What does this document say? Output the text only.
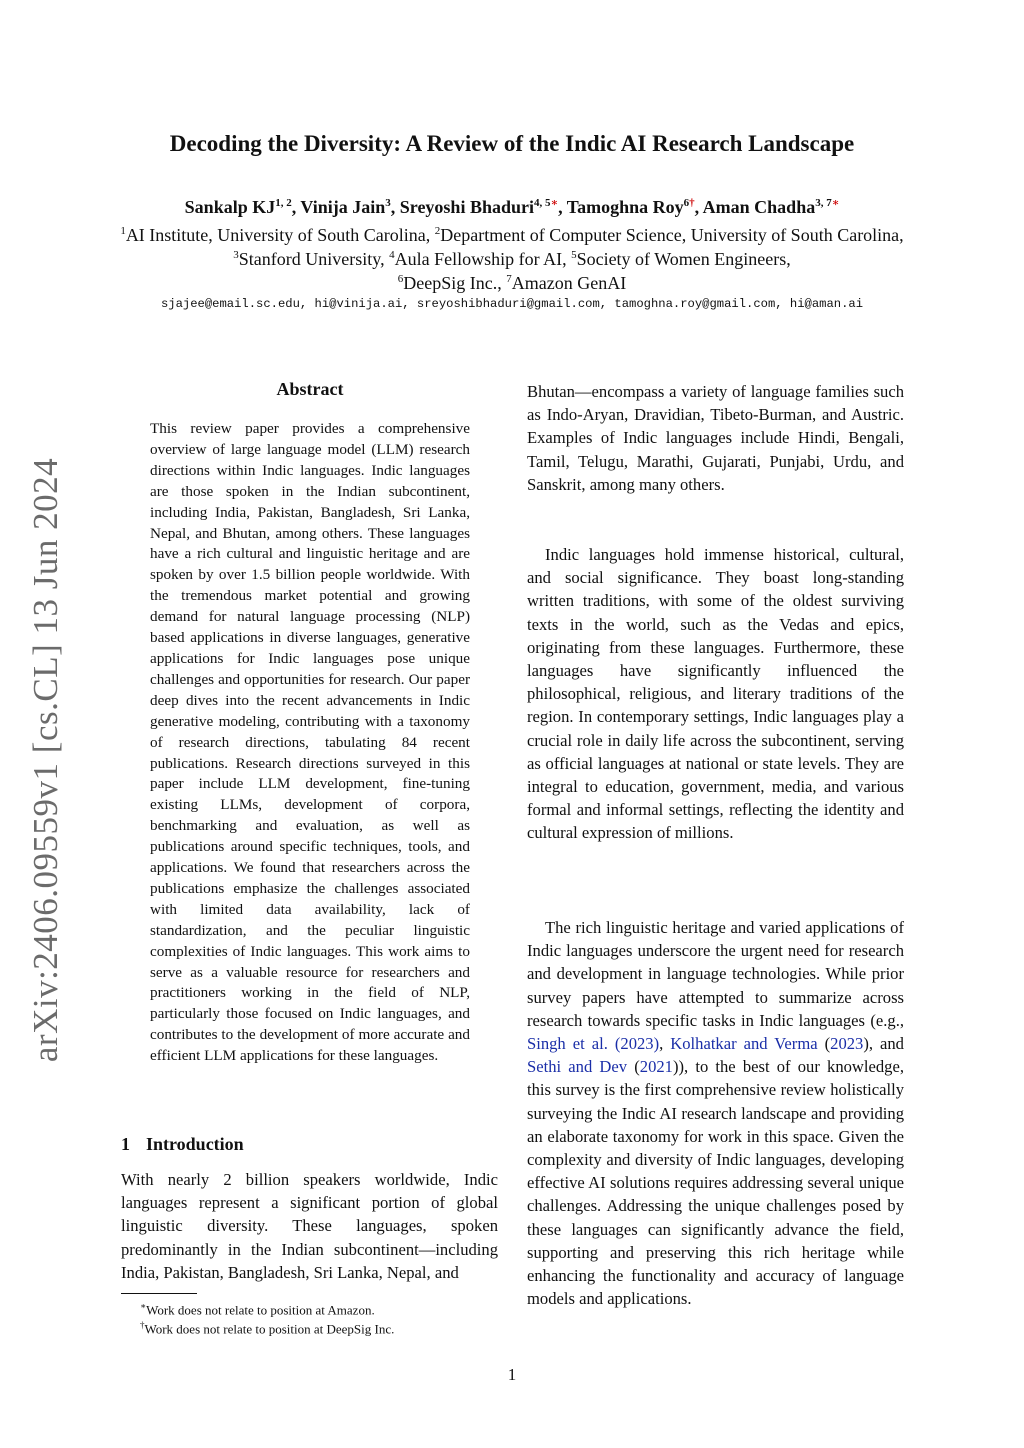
arXiv:2406.09559v1 [cs.CL] 13 Jun 2024
Decoding the Diversity: A Review of the Indic AI Research Landscape
Sankalp KJ$^{1, 2}$, Vinija Jain$^3$, Sreyoshi Bhaduri$^{4, 5∗}$, Tamoghna Roy$^{6\dagger}$, Aman Chadha$^{3, 7∗}$
$^1$AI Institute, University of South Carolina, $^2$Department of Computer Science, University of South Carolina,
$^3$Stanford University, $^4$Aula Fellowship for AI, $^5$Society of Women Engineers,
$^6$DeepSig Inc., $^7$Amazon GenAI
sjajee@email.sc.edu, hi@vinija.ai, sreyoshibhaduri@gmail.com, tamoghna.roy@gmail.com, hi@aman.ai
Abstract

This review paper provides a comprehensive overview of large language model (LLM) research directions within Indic languages. Indic languages are those spoken in the Indian subcontinent, including India, Pakistan, Bangladesh, Sri Lanka, Nepal, and Bhutan, among others. These languages have a rich cultural and linguistic heritage and are spoken by over 1.5 billion people worldwide. With the tremendous market potential and growing demand for natural language processing (NLP) based applications in diverse languages, generative applications for Indic languages pose unique challenges and opportunities for research. Our paper deep dives into the recent advancements in Indic generative modeling, contributing with a taxonomy of research directions, tabulating 84 recent publications. Research directions surveyed in this paper include LLM development, fine-tuning existing LLMs, development of corpora, benchmarking and evaluation, as well as publications around specific techniques, tools, and applications. We found that researchers across the publications emphasize the challenges associated with limited data availability, lack of standardization, and the peculiar linguistic complexities of Indic languages. This work aims to serve as a valuable resource for researchers and practitioners working in the field of NLP, particularly those focused on Indic languages, and contributes to the development of more accurate and efficient LLM applications for these languages.

1 Introduction

With nearly 2 billion speakers worldwide, Indic languages represent a significant portion of global linguistic diversity. These languages, spoken predominantly in the Indian subcontinent—including India, Pakistan, Bangladesh, Sri Lanka, Nepal, and

∗Work does not relate to position at Amazon.
†Work does not relate to position at DeepSig Inc.

Bhutan—encompass a variety of language families such as Indo-Aryan, Dravidian, Tibeto-Burman, and Austric. Examples of Indic languages include Hindi, Bengali, Tamil, Telugu, Marathi, Gujarati, Punjabi, Urdu, and Sanskrit, among many others.

Indic languages hold immense historical, cultural, and social significance. They boast long-standing written traditions, with some of the oldest surviving texts in the world, such as the Vedas and epics, originating from these languages. Furthermore, these languages have significantly influenced the philosophical, religious, and literary traditions of the region. In contemporary settings, Indic languages play a crucial role in daily life across the subcontinent, serving as official languages at national or state levels. They are integral to education, government, media, and various formal and informal settings, reflecting the identity and cultural expression of millions.

The rich linguistic heritage and varied applications of Indic languages underscore the urgent need for research and development in language technologies. While prior survey papers have attempted to summarize across research towards specific tasks in Indic languages (e.g., Singh et al. (2023), Kolhatkar and Verma (2023), and Sethi and Dev (2021)), to the best of our knowledge, this survey is the first comprehensive review holistically surveying the Indic AI research landscape and providing an elaborate taxonomy for work in this space. Given the complexity and diversity of Indic languages, developing effective AI solutions requires addressing several unique challenges. Addressing the unique challenges posed by these languages can significantly advance the field, supporting and preserving this rich heritage while enhancing the functionality and accuracy of language models and applications.

1
